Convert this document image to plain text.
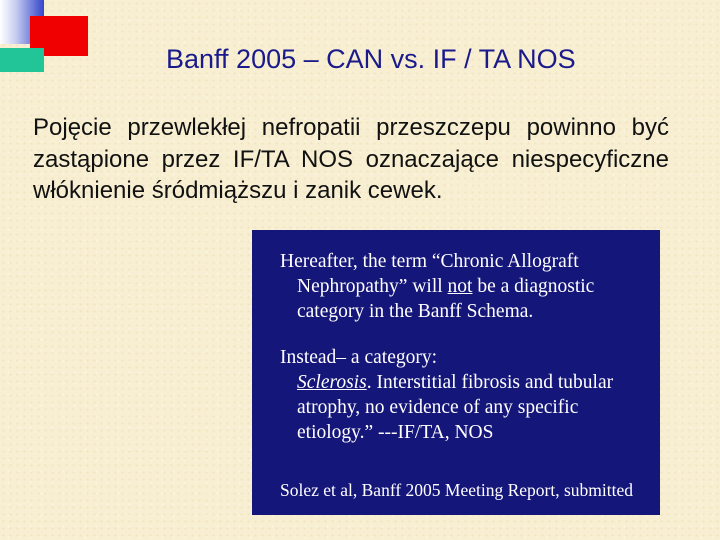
Banff 2005 – CAN vs. IF / TA NOS

Pojęcie przewlekłej nefropatii przeszczepu powinno być zastąpione przez IF/TA NOS oznaczające niespecyficzne włóknienie śródmiąższu i zanik cewek.

Hereafter, the term “Chronic Allograft
Nephropathy” will not be a diagnostic
category in the Banff Schema.
Instead– a category:
Sclerosis. Interstitial fibrosis and tubular
atrophy, no evidence of any specific
etiology.” ---IF/TA, NOS
Solez et al, Banff 2005 Meeting Report, submitted
